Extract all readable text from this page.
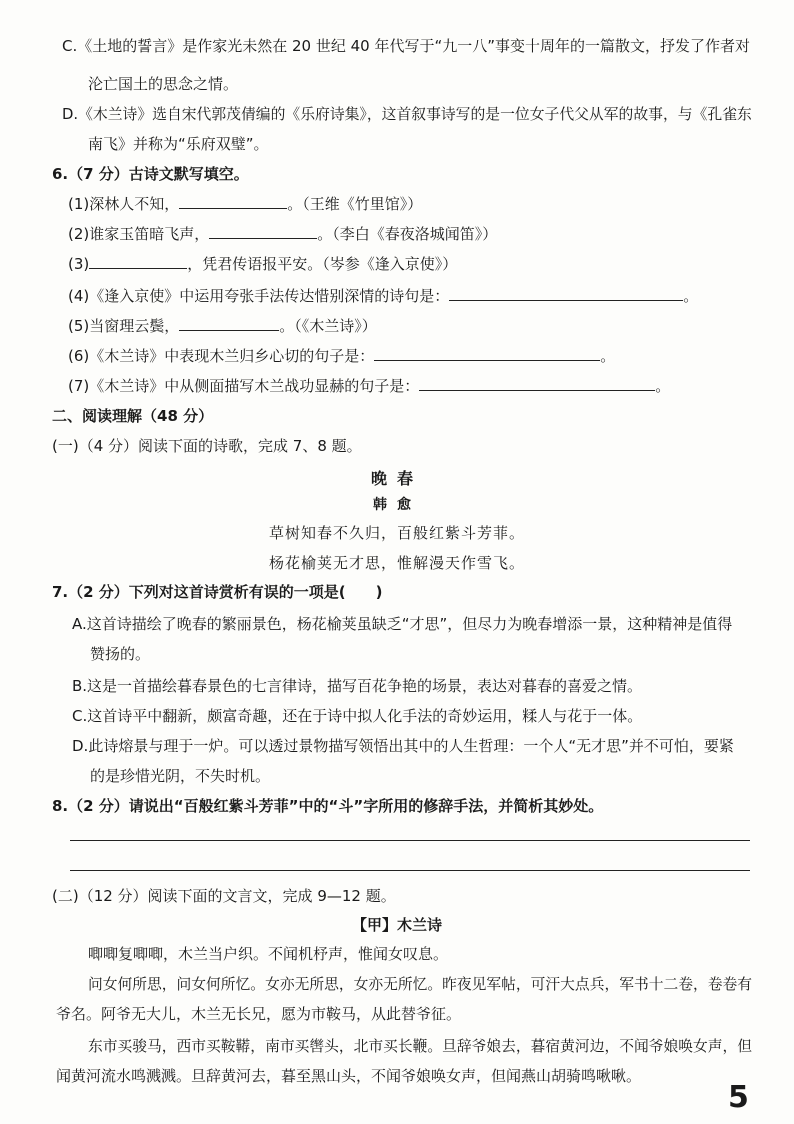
C.《土地的誓言》是作家光未然在 20 世纪 40 年代写于“九一八”事变十周年的一篇散文，抒发了作者对
沦亡国土的思念之情。
D.《木兰诗》选自宋代郭茂倩编的《乐府诗集》，这首叙事诗写的是一位女子代父从军的故事，与《孔雀东
南飞》并称为“乐府双璧”。
6.（7 分）古诗文默写填空。
(1)深林人不知，	。（王维《竹里馆》）
(2)谁家玉笛暗飞声，	。（李白《春夜洛城闻笛》）
(3)	，凭君传语报平安。（岑参《逢入京使》）
(4)《逢入京使》中运用夸张手法传达惜别深情的诗句是：	。
(5)当窗理云鬓，	。（《木兰诗》）
(6)《木兰诗》中表现木兰归乡心切的句子是：	。
(7)《木兰诗》中从侧面描写木兰战功显赫的句子是：	。
二、阅读理解（48 分）
(一)（4 分）阅读下面的诗歌，完成 7、8 题。
晚春
韩愈
草树知春不久归，百般红紫斗芳菲。
杨花榆荚无才思，惟解漫天作雪飞。
7.（2 分）下列对这首诗赏析有误的一项是(　　)
A.这首诗描绘了晚春的繁丽景色，杨花榆荚虽缺乏“才思”，但尽力为晚春增添一景，这种精神是值得
赞扬的。
B.这是一首描绘暮春景色的七言律诗，描写百花争艳的场景，表达对暮春的喜爱之情。
C.这首诗平中翻新，颇富奇趣，还在于诗中拟人化手法的奇妙运用，糅人与花于一体。
D.此诗熔景与理于一炉。可以透过景物描写领悟出其中的人生哲理：一个人“无才思”并不可怕，要紧
的是珍惜光阴，不失时机。
8.（2 分）请说出“百般红紫斗芳菲”中的“斗”字所用的修辞手法，并简析其妙处。
(二)（12 分）阅读下面的文言文，完成 9—12 题。
【甲】木兰诗
唧唧复唧唧，木兰当户织。不闻机杼声，惟闻女叹息。
问女何所思，问女何所忆。女亦无所思，女亦无所忆。昨夜见军帖，可汗大点兵，军书十二卷，卷卷有
爷名。阿爷无大儿，木兰无长兄，愿为市鞍马，从此替爷征。
东市买骏马，西市买鞍鞯，南市买辔头，北市买长鞭。旦辞爷娘去，暮宿黄河边，不闻爷娘唤女声，但
闻黄河流水鸣溅溅。旦辞黄河去，暮至黑山头，不闻爷娘唤女声，但闻燕山胡骑鸣啾啾。
5
